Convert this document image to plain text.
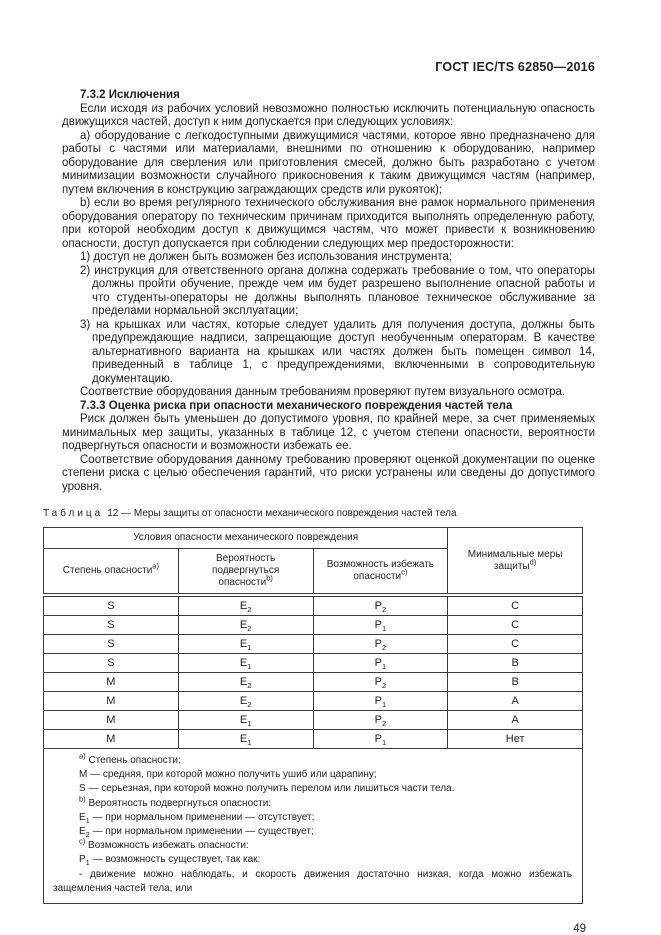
ГОСТ IEC/TS 62850—2016

7.3.2 Исключения

Если исходя из рабочих условий невозможно полностью исключить потенциальную опасность движущихся частей, доступ к ним допускается при следующих условиях:

а) оборудование с легкодоступными движущимися частями, которое явно предназначено для работы с частями или материалами, внешними по отношению к оборудованию, например оборудование для сверления или приготовления смесей, должно быть разработано с учетом минимизации возможности случайного прикосновения к таким движущимся частям (например, путем включения в конструкцию заграждающих средств или рукояток);

b) если во время регулярного технического обслуживания вне рамок нормального применения оборудования оператору по техническим причинам приходится выполнять определенную работу, при которой необходим доступ к движущимся частям, что может привести к возникновению опасности, доступ допускается при соблюдении следующих мер предосторожности:

1) доступ не должен быть возможен без использования инструмента;
2) инструкция для ответственного органа должна содержать требование о том, что операторы должны пройти обучение, прежде чем им будет разрешено выполнение опасной работы и что студенты-операторы не должны выполнять плановое техническое обслуживание за пределами нормальной эксплуатации;
3) на крышках или частях, которые следует удалить для получения доступа, должны быть предупреждающие надписи, запрещающие доступ необученным операторам. В качестве альтернативного варианта на крышках или частях должен быть помещен символ 14, приведенный в таблице 1, с предупреждениями, включенными в сопроводительную документацию.

Соответствие оборудования данным требованиям проверяют путем визуального осмотра.

7.3.3 Оценка риска при опасности механического повреждения частей тела

Риск должен быть уменьшен до допустимого уровня, по крайней мере, за счет применяемых минимальных мер защиты, указанных в таблице 12, с учетом степени опасности, вероятности подвергнуться опасности и возможности избежать ее.

Соответствие оборудования данному требованию проверяют оценкой документации по оценке степени риска с целью обеспечения гарантий, что риски устранены или сведены до допустимого уровня.

Таблица 12 — Меры защиты от опасности механического повреждения частей тела
Условия опасности механического повреждения			Минимальные меры
защиты$^{d)}$
Степень опасности$^{а)}$	Вероятность подвергнуться опасности$^{b)}$	Возможность избежать опасности$^{c)}$
S	$E_2$	$P_2$	C
S	$E_2$	$P_1$	C
S	$E_1$	$P_2$	C
S	$E_1$	$P_1$	B
M	$E_2$	$P_2$	B
M	$E_2$	$P_1$	A
M	$E_1$	$P_2$	A
M	$E_1$	$P_1$	Нет

$^{a)}$ Степень опасности:

М — средняя, при которой можно получить ушиб или царапину;

S — серьезная, при которой можно получить перелом или лишиться части тела.

$^{b)}$ Вероятность подвергнуться опасности:

$E_1$ — при нормальном применении — отсутствует;

$E_2$ — при нормальном применении — существует;

$^{c)}$ Возможность избежать опасности:

$P_1$ — возможность существует, так как:

- движение можно наблюдать, и скорость движения достаточно низкая, когда можно избежать защемления частей тела, или

49
